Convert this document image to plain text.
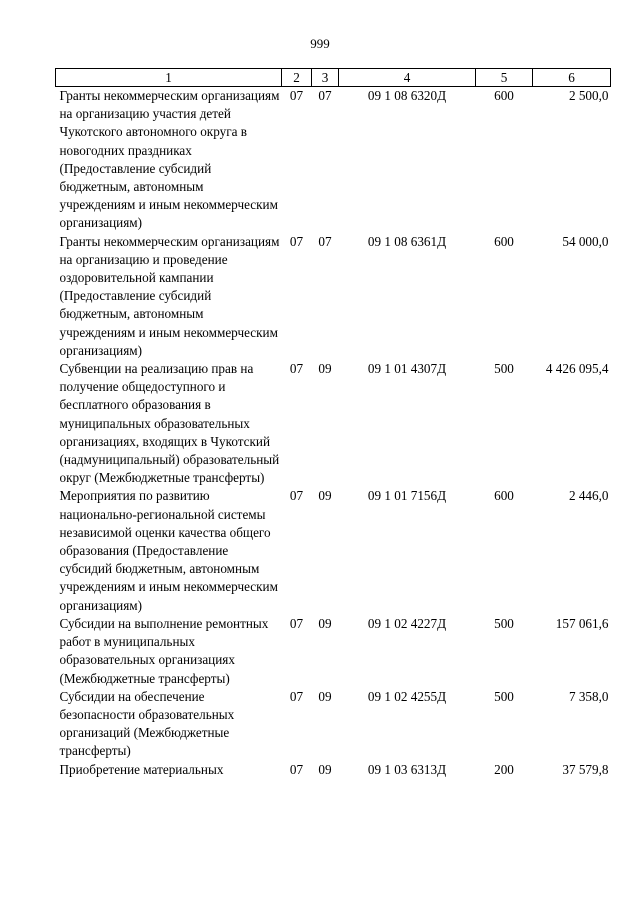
999
1	2	3	4	5	6
Гранты некоммерческим организациям на организацию участия детей Чукотского автономного округа в новогодних праздниках (Предоставление субсидий бюджетным, автономным учреждениям и иным некоммерческим организациям)	07	07	09 1 08 6320Д	600	2 500,0
Гранты некоммерческим организациям на организацию и проведение оздоровительной кампании (Предоставление субсидий бюджетным, автономным учреждениям и иным некоммерческим организациям)	07	07	09 1 08 6361Д	600	54 000,0
Субвенции на реализацию прав на получение общедоступного и бесплатного образования в муниципальных образовательных организациях, входящих в Чукотский (надмуниципальный) образовательный округ (Межбюджетные трансферты)	07	09	09 1 01 4307Д	500	4 426 095,4
Мероприятия по развитию национально-региональной системы независимой оценки качества общего образования (Предоставление субсидий бюджетным, автономным учреждениям и иным некоммерческим организациям)	07	09	09 1 01 7156Д	600	2 446,0
Субсидии на выполнение ремонтных работ в муниципальных образовательных организациях (Межбюджетные трансферты)	07	09	09 1 02 4227Д	500	157 061,6
Субсидии на обеспечение безопасности образовательных организаций (Межбюджетные трансферты)	07	09	09 1 02 4255Д	500	7 358,0
Приобретение материальных	07	09	09 1 03 6313Д	200	37 579,8
